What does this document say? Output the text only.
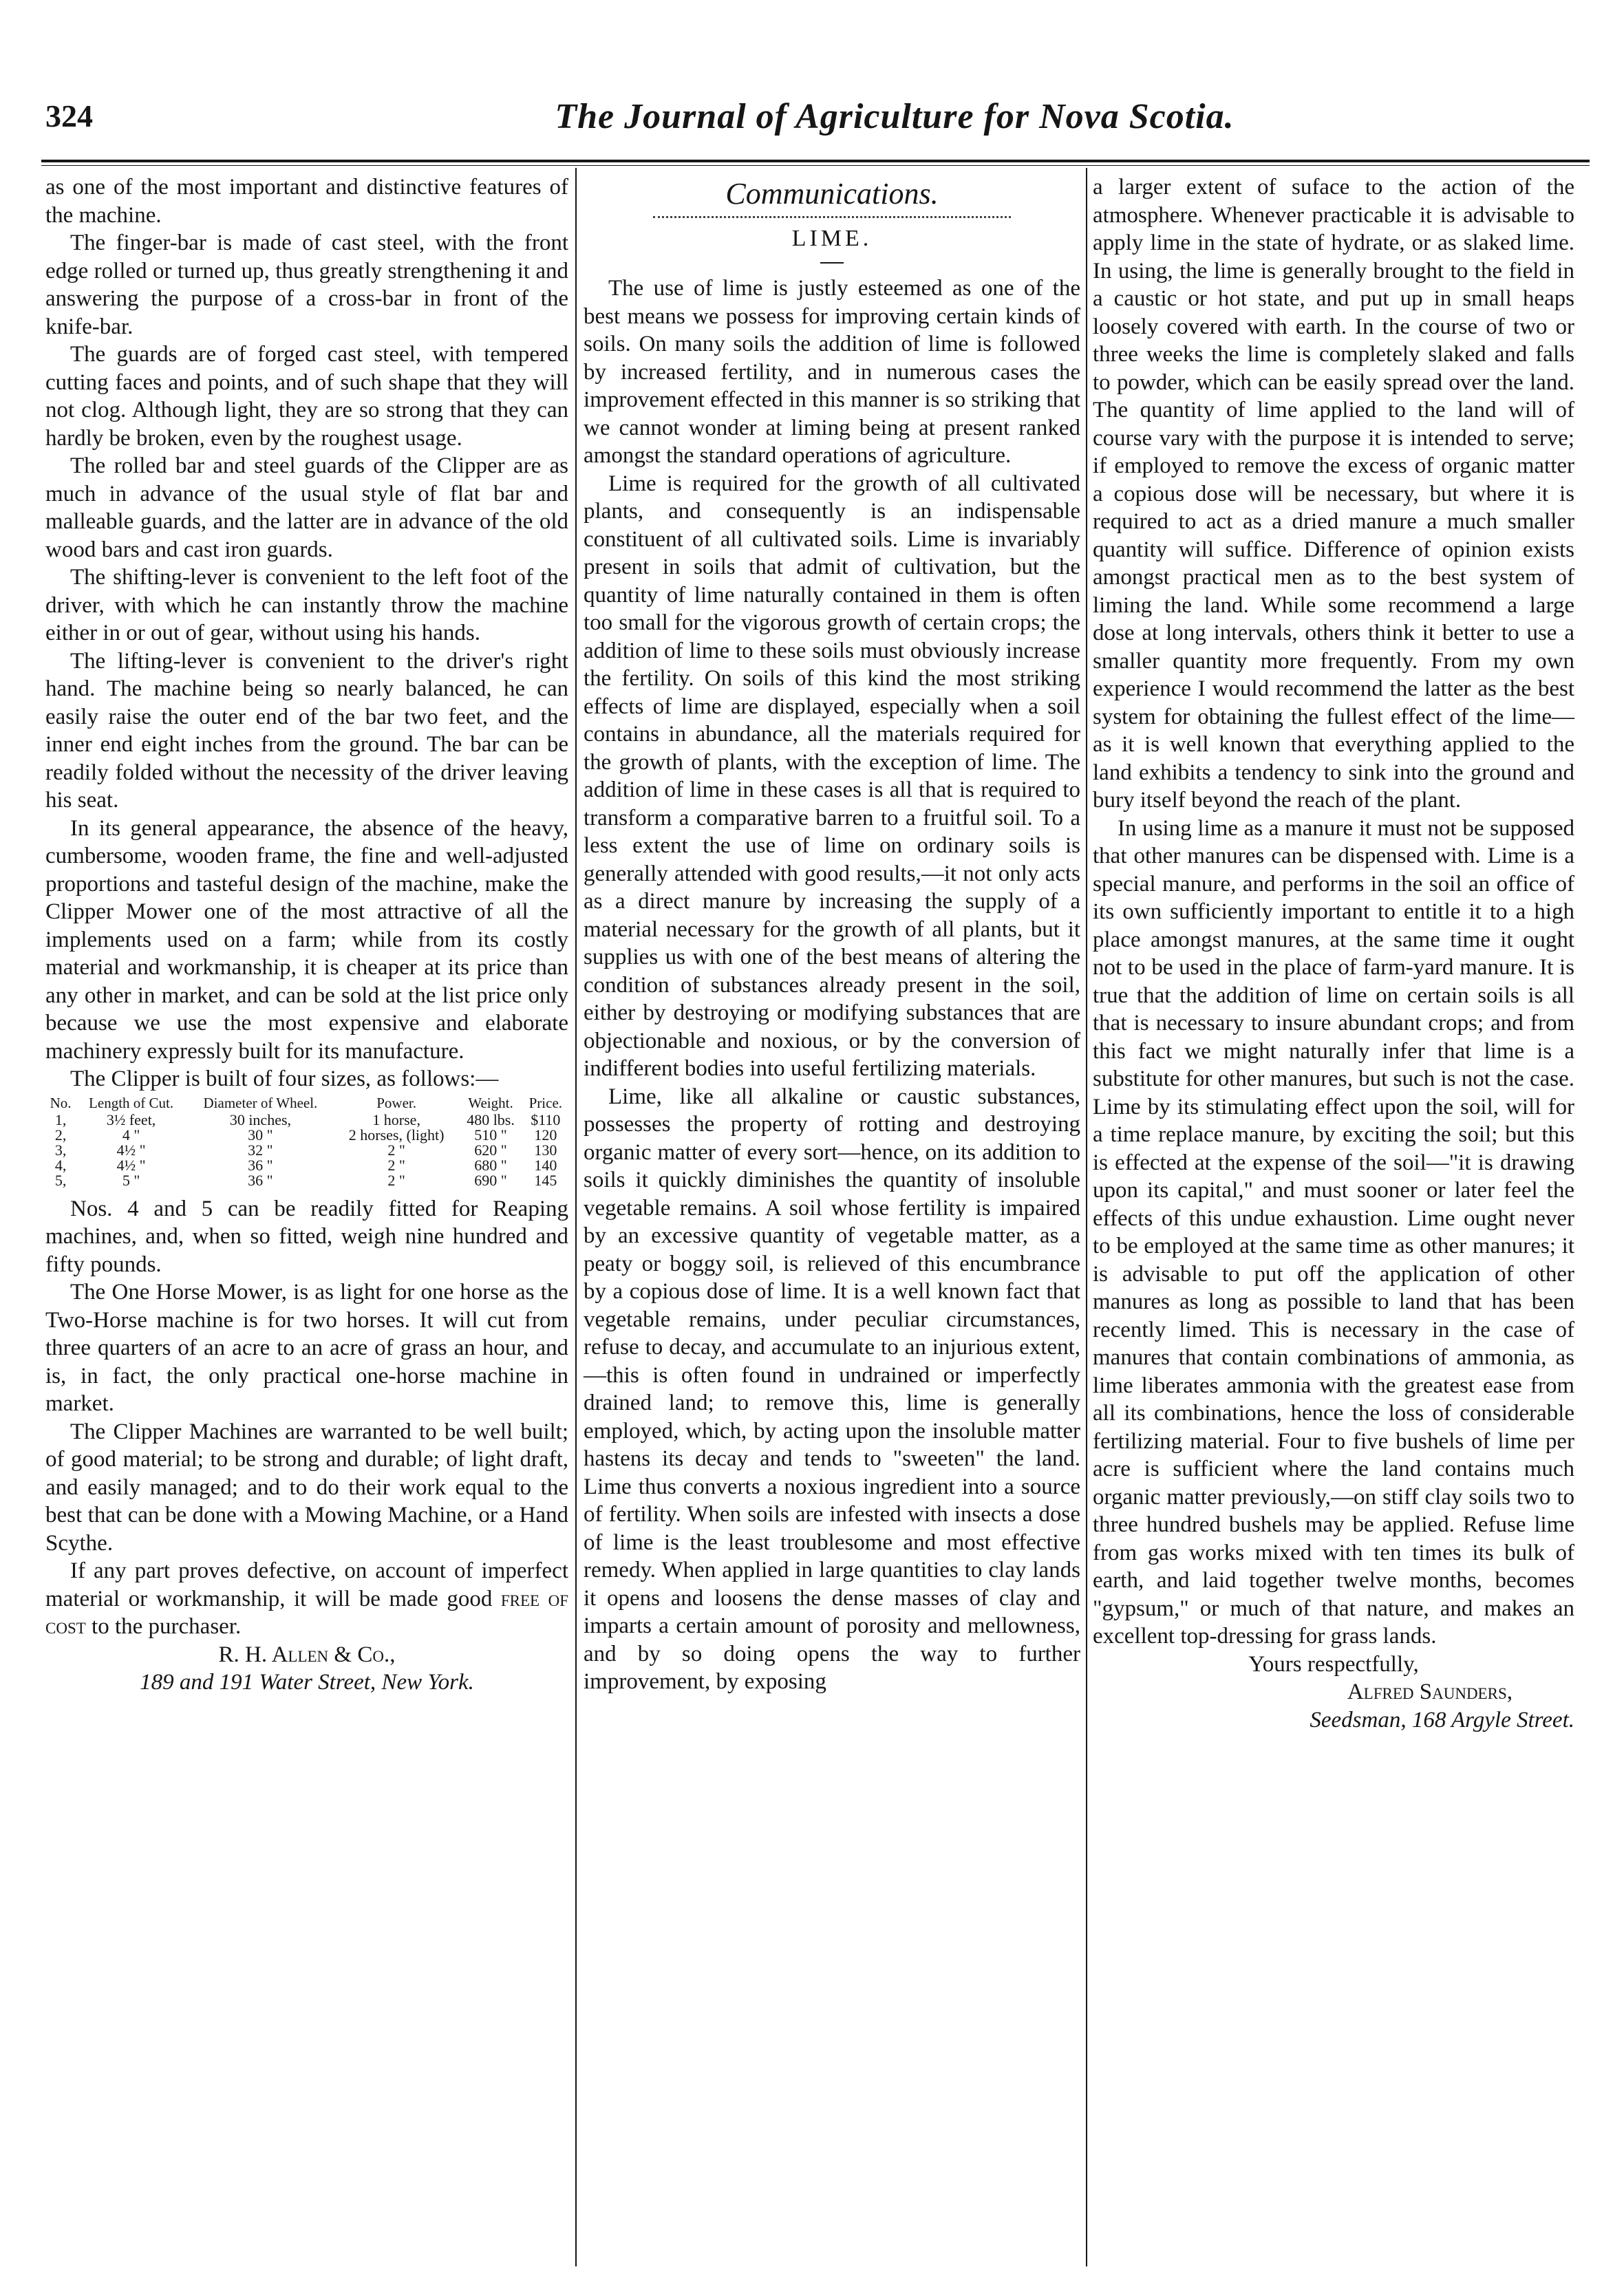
324	The Journal of Agriculture for Nova Scotia.

as one of the most important and distinctive features of the machine.

The finger-bar is made of cast steel, with the front edge rolled or turned up, thus greatly strengthening it and answering the purpose of a cross-bar in front of the knife-bar.

The guards are of forged cast steel, with tempered cutting faces and points, and of such shape that they will not clog. Although light, they are so strong that they can hardly be broken, even by the roughest usage.

The rolled bar and steel guards of the Clipper are as much in advance of the usual style of flat bar and malleable guards, and the latter are in advance of the old wood bars and cast iron guards.

The shifting-lever is convenient to the left foot of the driver, with which he can instantly throw the machine either in or out of gear, without using his hands.

The lifting-lever is convenient to the driver's right hand. The machine being so nearly balanced, he can easily raise the outer end of the bar two feet, and the inner end eight inches from the ground. The bar can be readily folded without the necessity of the driver leaving his seat.

In its general appearance, the absence of the heavy, cumbersome, wooden frame, the fine and well-adjusted proportions and tasteful design of the machine, make the Clipper Mower one of the most attractive of all the implements used on a farm; while from its costly material and workmanship, it is cheaper at its price than any other in market, and can be sold at the list price only because we use the most expensive and elaborate machinery expressly built for its manufacture.

The Clipper is built of four sizes, as follows:—

No.	Length of Cut.	Diameter of Wheel.	Power.	Weight.	Price.
1,	3½ feet,	30 inches,	1 horse,	480 lbs.	$110
2,	4 "	30 "	2 horses, (light)	510 "	120
3,	4½ "	32 "	2 "	620 "	130
4,	4½ "	36 "	2 "	680 "	140
5,	5 "	36 "	2 "	690 "	145

Nos. 4 and 5 can be readily fitted for Reaping machines, and, when so fitted, weigh nine hundred and fifty pounds.

The One Horse Mower, is as light for one horse as the Two-Horse machine is for two horses. It will cut from three quarters of an acre to an acre of grass an hour, and is, in fact, the only practical one-horse machine in market.

The Clipper Machines are warranted to be well built; of good material; to be strong and durable; of light draft, and easily managed; and to do their work equal to the best that can be done with a Mowing Machine, or a Hand Scythe.

If any part proves defective, on account of imperfect material or workmanship, it will be made good free of cost to the purchaser.

R. H. Allen & Co.,
189 and 191 Water Street, New York.
Communications.
LIME.

The use of lime is justly esteemed as one of the best means we possess for improving certain kinds of soils. On many soils the addition of lime is followed by increased fertility, and in numerous cases the improvement effected in this manner is so striking that we cannot wonder at liming being at present ranked amongst the standard operations of agriculture.

Lime is required for the growth of all cultivated plants, and consequently is an indispensable constituent of all cultivated soils. Lime is invariably present in soils that admit of cultivation, but the quantity of lime naturally contained in them is often too small for the vigorous growth of certain crops; the addition of lime to these soils must obviously increase the fertility. On soils of this kind the most striking effects of lime are displayed, especially when a soil contains in abundance, all the materials required for the growth of plants, with the exception of lime. The addition of lime in these cases is all that is required to transform a comparative barren to a fruitful soil. To a less extent the use of lime on ordinary soils is generally attended with good results,—it not only acts as a direct manure by increasing the supply of a material necessary for the growth of all plants, but it supplies us with one of the best means of altering the condition of substances already present in the soil, either by destroying or modifying substances that are objectionable and noxious, or by the conversion of indifferent bodies into useful fertilizing materials.

Lime, like all alkaline or caustic substances, possesses the property of rotting and destroying organic matter of every sort—hence, on its addition to soils it quickly diminishes the quantity of insoluble vegetable remains. A soil whose fertility is impaired by an excessive quantity of vegetable matter, as a peaty or boggy soil, is relieved of this encumbrance by a copious dose of lime. It is a well known fact that vegetable remains, under peculiar circumstances, refuse to decay, and accumulate to an injurious extent,—this is often found in undrained or imperfectly drained land; to remove this, lime is generally employed, which, by acting upon the insoluble matter hastens its decay and tends to "sweeten" the land. Lime thus converts a noxious ingredient into a source of fertility. When soils are infested with insects a dose of lime is the least troublesome and most effective remedy. When applied in large quantities to clay lands it opens and loosens the dense masses of clay and imparts a certain amount of porosity and mellowness, and by so doing opens the way to further improvement, by exposing

a larger extent of suface to the action of the atmosphere. Whenever practicable it is advisable to apply lime in the state of hydrate, or as slaked lime. In using, the lime is generally brought to the field in a caustic or hot state, and put up in small heaps loosely covered with earth. In the course of two or three weeks the lime is completely slaked and falls to powder, which can be easily spread over the land. The quantity of lime applied to the land will of course vary with the purpose it is intended to serve; if employed to remove the excess of organic matter a copious dose will be necessary, but where it is required to act as a dried manure a much smaller quantity will suffice. Difference of opinion exists amongst practical men as to the best system of liming the land. While some recommend a large dose at long intervals, others think it better to use a smaller quantity more frequently. From my own experience I would recommend the latter as the best system for obtaining the fullest effect of the lime—as it is well known that everything applied to the land exhibits a tendency to sink into the ground and bury itself beyond the reach of the plant.

In using lime as a manure it must not be supposed that other manures can be dispensed with. Lime is a special manure, and performs in the soil an office of its own sufficiently important to entitle it to a high place amongst manures, at the same time it ought not to be used in the place of farm-yard manure. It is true that the addition of lime on certain soils is all that is necessary to insure abundant crops; and from this fact we might naturally infer that lime is a substitute for other manures, but such is not the case. Lime by its stimulating effect upon the soil, will for a time replace manure, by exciting the soil; but this is effected at the expense of the soil—"it is drawing upon its capital," and must sooner or later feel the effects of this undue exhaustion. Lime ought never to be employed at the same time as other manures; it is advisable to put off the application of other manures as long as possible to land that has been recently limed. This is necessary in the case of manures that contain combinations of ammonia, as lime liberates ammonia with the greatest ease from all its combinations, hence the loss of considerable fertilizing material. Four to five bushels of lime per acre is sufficient where the land contains much organic matter previously,—on stiff clay soils two to three hundred bushels may be applied. Refuse lime from gas works mixed with ten times its bulk of earth, and laid together twelve months, becomes "gypsum," or much of that nature, and makes an excellent top-dressing for grass lands.

Yours respectfully,
Alfred Saunders,
Seedsman, 168 Argyle Street.
